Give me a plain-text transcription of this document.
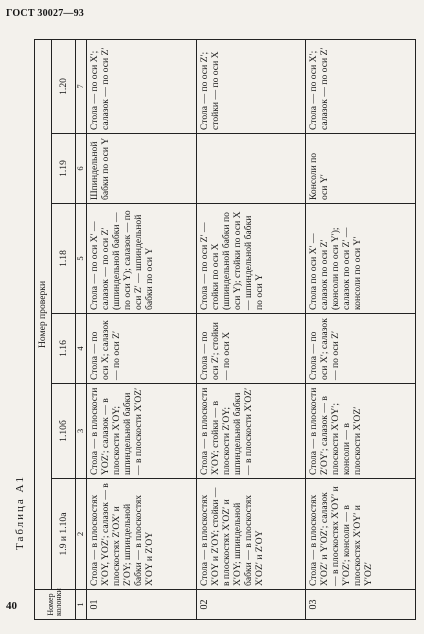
ГОСТ 30027—93
40
Таблица А1
Номер колонки	Номер проверки					
	1.9 и 1.10а	1.10б	1.16	1.18	1.19	1.20
1	2	3	4	5	6	7
01	Стола — в плоскостях X′OY, YOZ′; салазок — в плоскостях Z′OX′ и Z′OY; шпиндельной бабки — в плоскостях X′OY и Z′OY	Стола — в плоскости YOZ′; салазок — в плоскости X′OY; шпиндельной бабки — в плоскости X′OZ′	Стола — по оси X; салазок — по оси Z′	Стола — по оси X′ — салазок — по оси Z′ (шпиндельной бабки — по оси Y); салазок — по оси Z′ — шпиндельной бабки по оси Y	Шпиндельной бабки по оси Y	Стола — по оси X′; салазок — по оси Z′
02	Стола — в плоскостях X′OY и Z′OY; стойки — в плоскостях X′OZ′ и X′OY; шпиндельной бабки — в плоскостях X′OZ′ и Z′OY	Стола — в плоскости X′OY; стойки — в плоскости Z′OY; шпиндельной бабки — в плоскости X′OZ′	Стола — по оси Z′; стойки — по оси X	Стола — по оси Z′ — стойки по оси X (шпиндельной бабки по оси Y); стойки по оси X — шпиндельной бабки по оси Y		Стола — по оси Z′; стойки — по оси X
03	Стола — в плоскостях X′OZ′ и Y′OZ′; салазок — в плоскостях X′OY′ и Y′OZ′; консоли — в плоскостях X′OY′ и Y′OZ′	Стола — в плоскости Z′OY′; салазок — в плоскости X′OY′; консоли — в плоскости X′OZ′	Стола — по оси X′; салазок — по оси Z′	Стола по оси X′ — салазок по оси Z′ (консоли по оси Y′); салазок по оси Z′ — консоли по оси Y′	Консоли по оси Y′	Стола — по оси X′; салазок — по оси Z′
